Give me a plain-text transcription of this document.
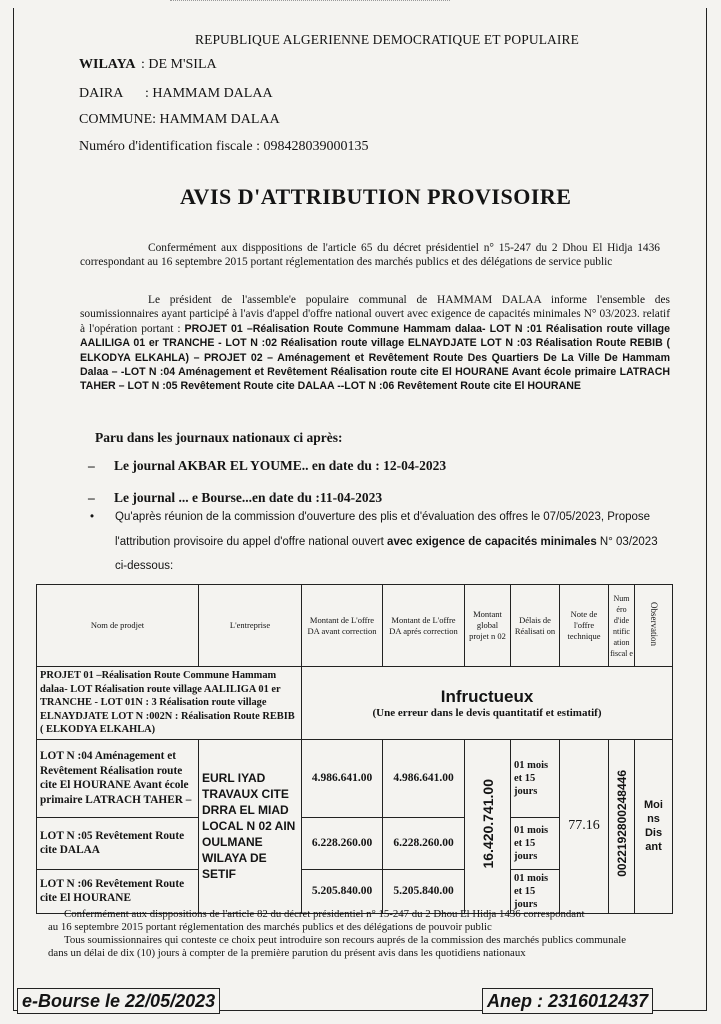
REPUBLIQUE ALGERIENNE DEMOCRATIQUE ET POPULAIRE
WILAYA : DE M'SILA
DAIRA : HAMMAM DALAA
COMMUNE: HAMMAM DALAA
Numéro d'identification fiscale : 098428039000135
AVIS D'ATTRIBUTION PROVISOIRE
Confermément aux disppositions de l'article 65 du décret présidentiel n° 15-247 du 2 Dhou El Hidja 1436 correspondant au 16 septembre 2015 portant réglementation des marchés publics et des délégations de service public
Le président de l'assemble'e populaire communal de HAMMAM DALAA informe l'ensemble des soumissionnaires ayant participé à l'avis d'appel d'offre national ouvert avec exigence de capacités minimales N° 03/2023. relatif à l'opération portant : PROJET 01 –Réalisation Route Commune Hammam dalaa- LOT N :01 Réalisation route village AALILIGA 01 er TRANCHE - LOT N :02 Réalisation route village ELNAYDJATE LOT N :03 Réalisation Route REBIB ( ELKODYA ELKAHLA) – PROJET 02 – Aménagement et Revêtement Route Des Quartiers De La Ville De Hammam Dalaa – -LOT N :04 Aménagement et Revêtement Réalisation route cite El HOURANE Avant école primaire LATRACH TAHER – LOT N :05 Revêtement Route cite DALAA --LOT N :06 Revêtement Route cite El HOURANE
Paru dans les journaux nationaux ci après:
– Le journal AKBAR EL YOUME.. en date du : 12-04-2023
– Le journal ... e Bourse...en date du :11-04-2023
• Qu'après réunion de la commission d'ouverture des plis et d'évaluation des offres le 07/05/2023, Propose
l'attribution provisoire du appel d'offre national ouvert avec exigence de capacités minimales N° 03/2023
ci-dessous:
Nom de prodjet	L'entreprise	Montant de L'offre DA avant correction	Montant de L'offre DA aprés correction	Montant global projet n 02	Délais de Réalisati on	Note de l'offre technique	Num éro d'ide ntific ation fiscal e	Observation
PROJET 01 –Réalisation Route Commune Hammam dalaa- LOT Réalisation route village AALILIGA 01 er TRANCHE - LOT 01N : 3 Réalisation route village ELNAYDJATE LOT N :002N : Réalisation Route REBIB ( ELKODYA ELKAHLA)		Infructueux
(Une erreur dans le devis quantitatif et estimatif)						

LOT N :04 Aménagement et Revêtement Réalisation route cite El HOURANE Avant école primaire LATRACH TAHER –	EURL IYAD TRAVAUX CITE DRRA EL MIAD LOCAL N 02 AIN OULMANE WILAYA DE SETIF	4.986.641.00	4.986.641.00	16.420.741.00	01 mois et 15 jours	77.16	0022192800248446	Moi ns Dis ant
LOT N :05 Revêtement Route cite DALAA		6.228.260.00	6.228.260.00		01 mois et 15 jours			
LOT N :06 Revêtement Route cite El HOURANE		5.205.840.00	5.205.840.00		01 mois et 15 jours			
Confermément aux disppositions de l'article 82 du décret présidentiel n° 15-247 du 2 Dhou El Hidja 1436 correspondant
au 16 septembre 2015 portant réglementation des marchés publics et des délégations de pouvoir public
Tous soumissionnaires qui conteste ce choix peut introduire son recours auprés de la commission des marchés publics communale
dans un délai de dix (10) jours à compter de la première parution du présent avis dans les quotidiens nationaux
e-Bourse le 22/05/2023	Anep : 2316012437
